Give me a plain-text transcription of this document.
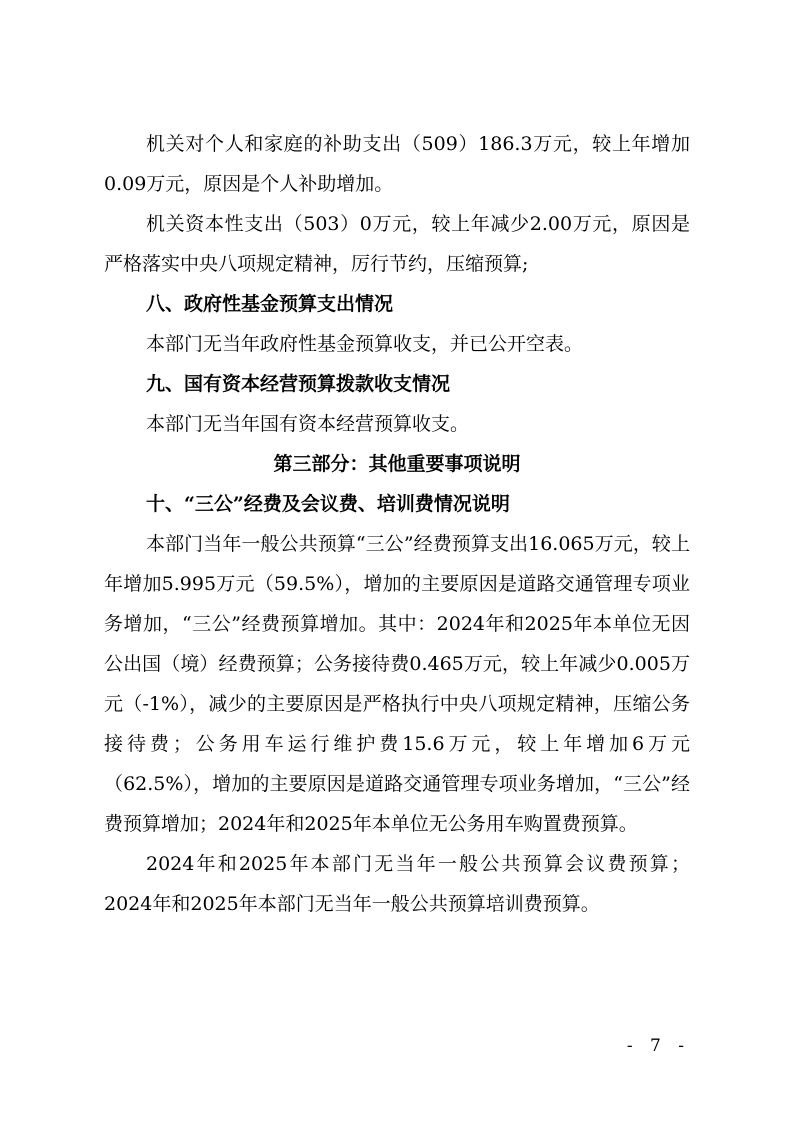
机关对个人和家庭的补助支出（509）186.3万元，较上年增加0.09万元，原因是个人补助增加。
机关资本性支出（503）0万元，较上年减少2.00万元，原因是严格落实中央八项规定精神，厉行节约，压缩预算;
八、政府性基金预算支出情况
本部门无当年政府性基金预算收支，并已公开空表。
九、国有资本经营预算拨款收支情况
本部门无当年国有资本经营预算收支。
第三部分：其他重要事项说明
十、“三公”经费及会议费、培训费情况说明
本部门当年一般公共预算“三公”经费预算支出16.065万元，较上年增加5.995万元（59.5%），增加的主要原因是道路交通管理专项业务增加，“三公”经费预算增加。其中：2024年和2025年本单位无因公出国（境）经费预算；公务接待费0.465万元，较上年减少0.005万元（-1%），减少的主要原因是严格执行中央八项规定精神，压缩公务接待费；公务用车运行维护费15.6万元，较上年增加6万元（62.5%），增加的主要原因是道路交通管理专项业务增加，“三公”经费预算增加；2024年和2025年本单位无公务用车购置费预算。
2024年和2025年本部门无当年一般公共预算会议费预算；2024年和2025年本部门无当年一般公共预算培训费预算。
- 7 -
